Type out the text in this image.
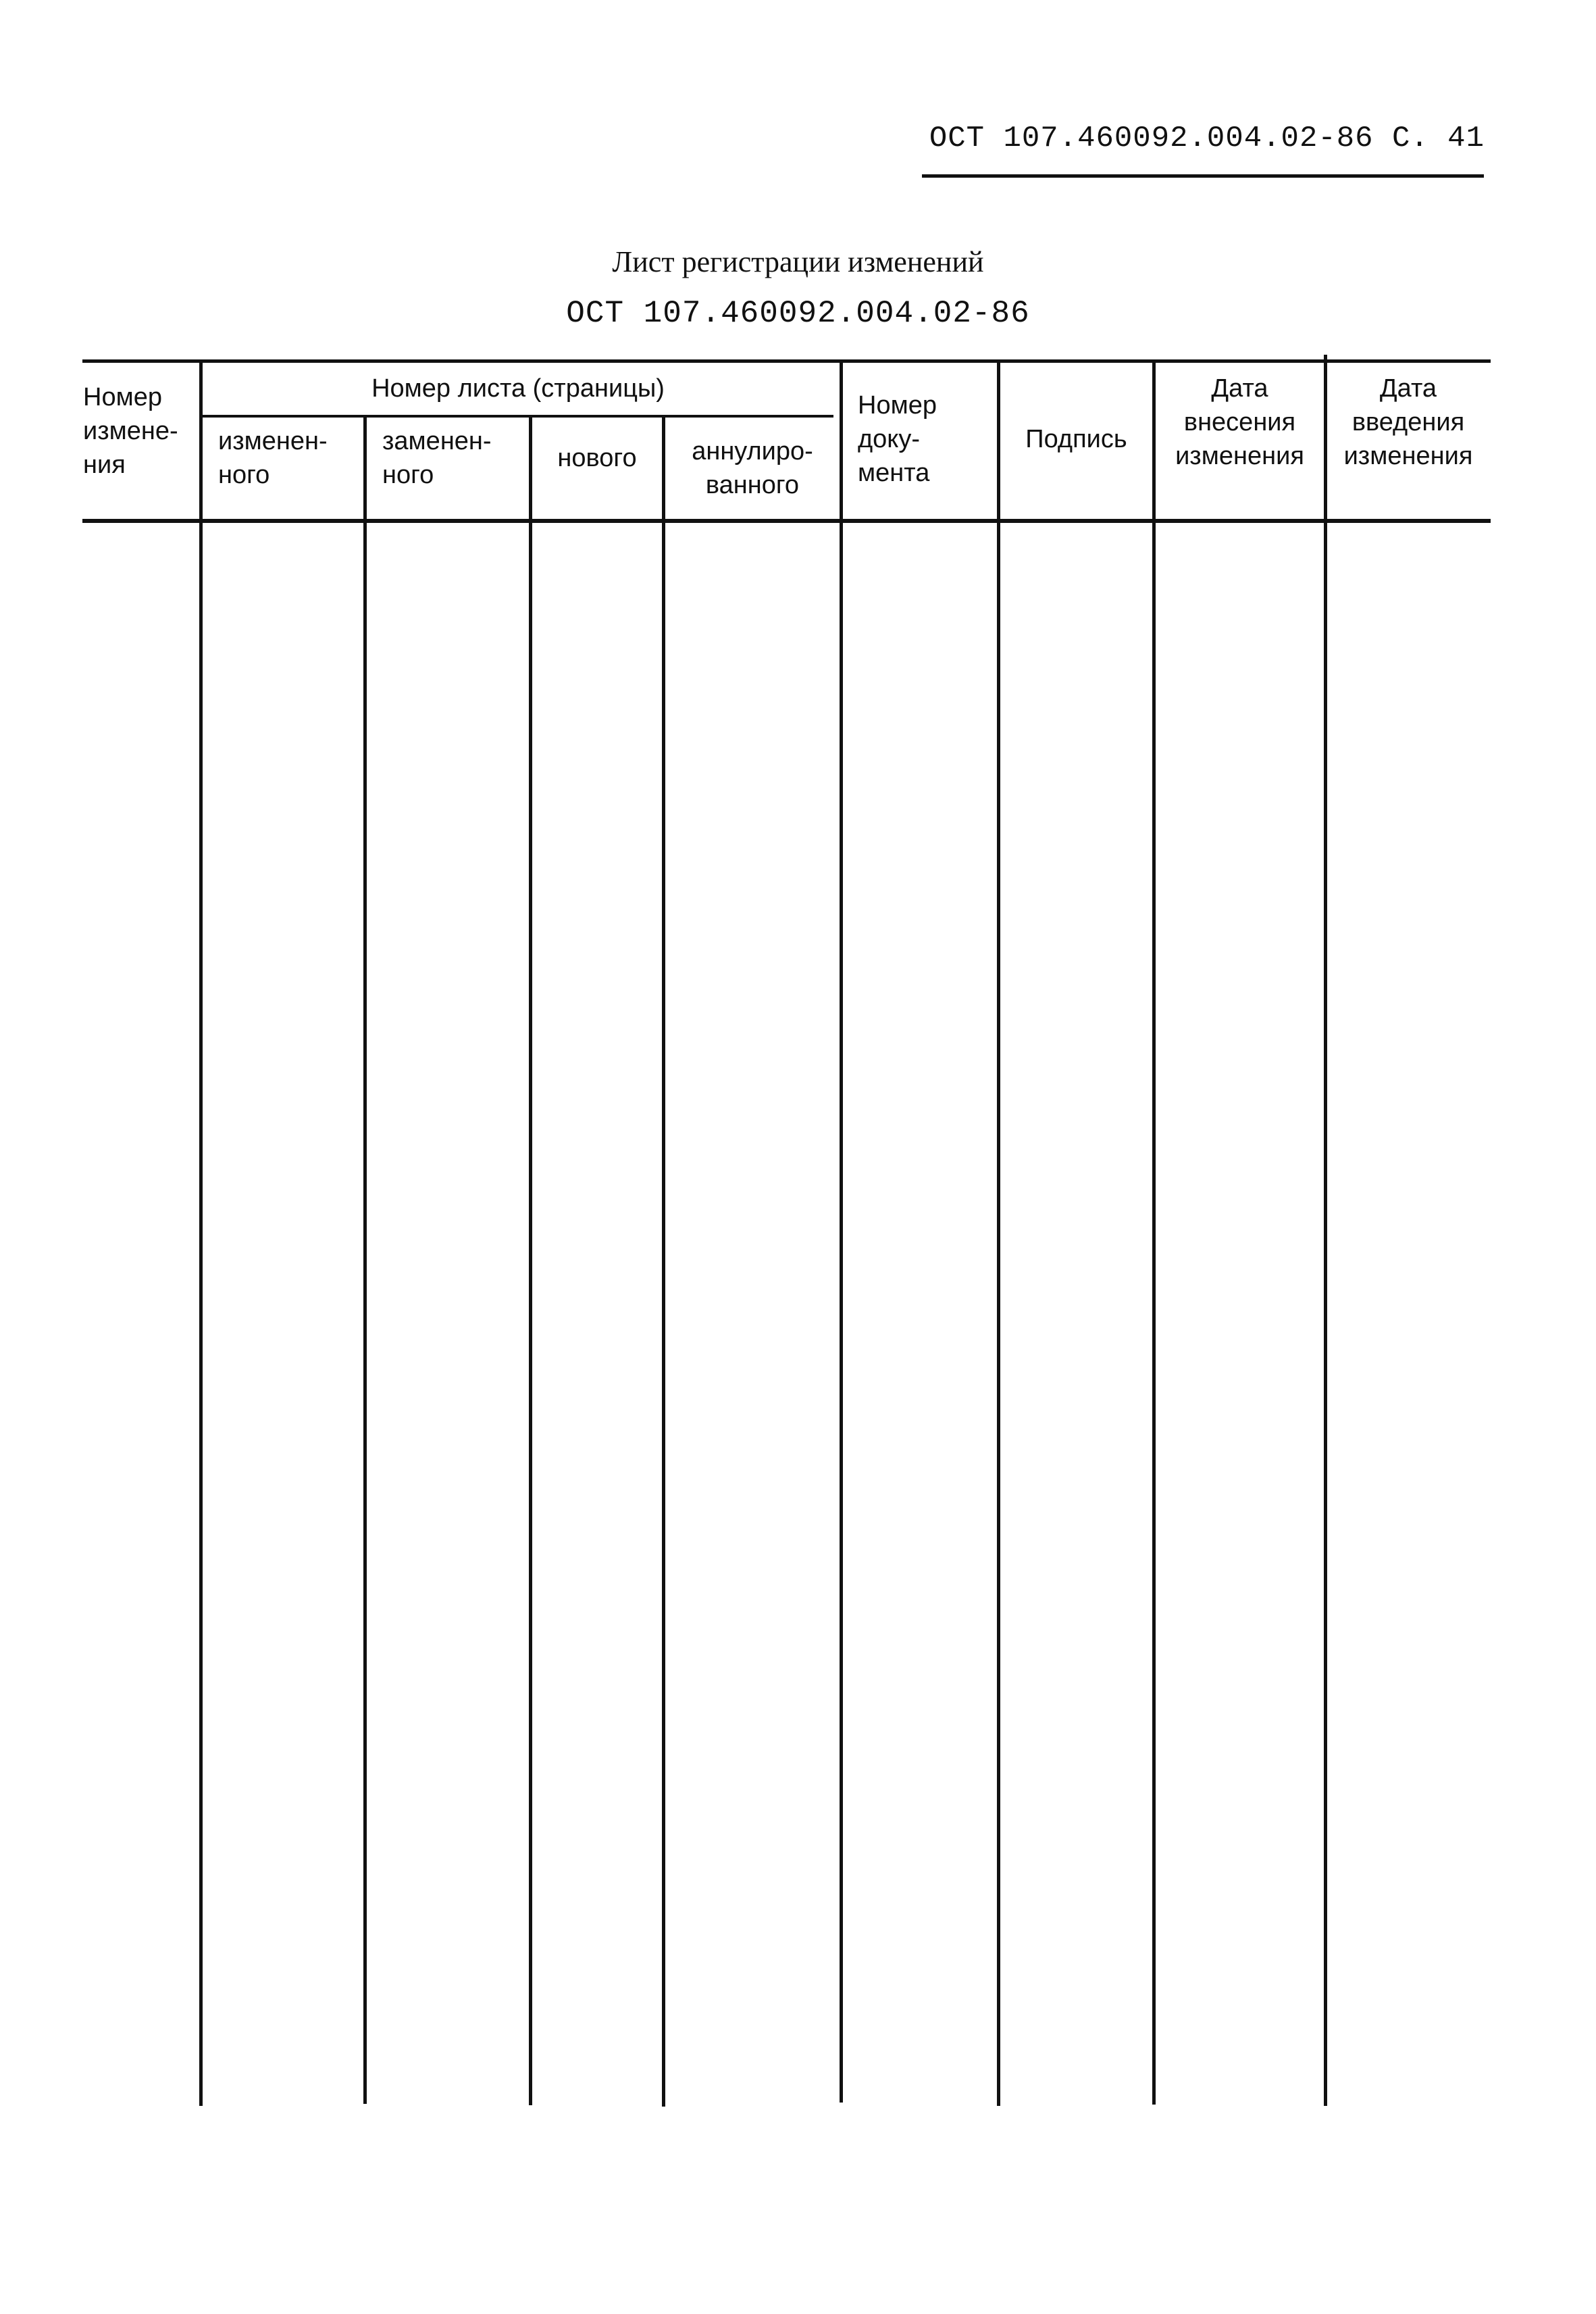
ОСТ 107.460092.004.02-86 С. 41
Лист регистрации изменений
ОСТ 107.460092.004.02-86
Номер
измене-
ния
Номер листа (страницы)
изменен-
ного
заменен-
ного
нового	аннулиро-
ванного
Номер
доку-
мента
Подпись
Дата
внесения
изменения
Дата
введения
изменения
